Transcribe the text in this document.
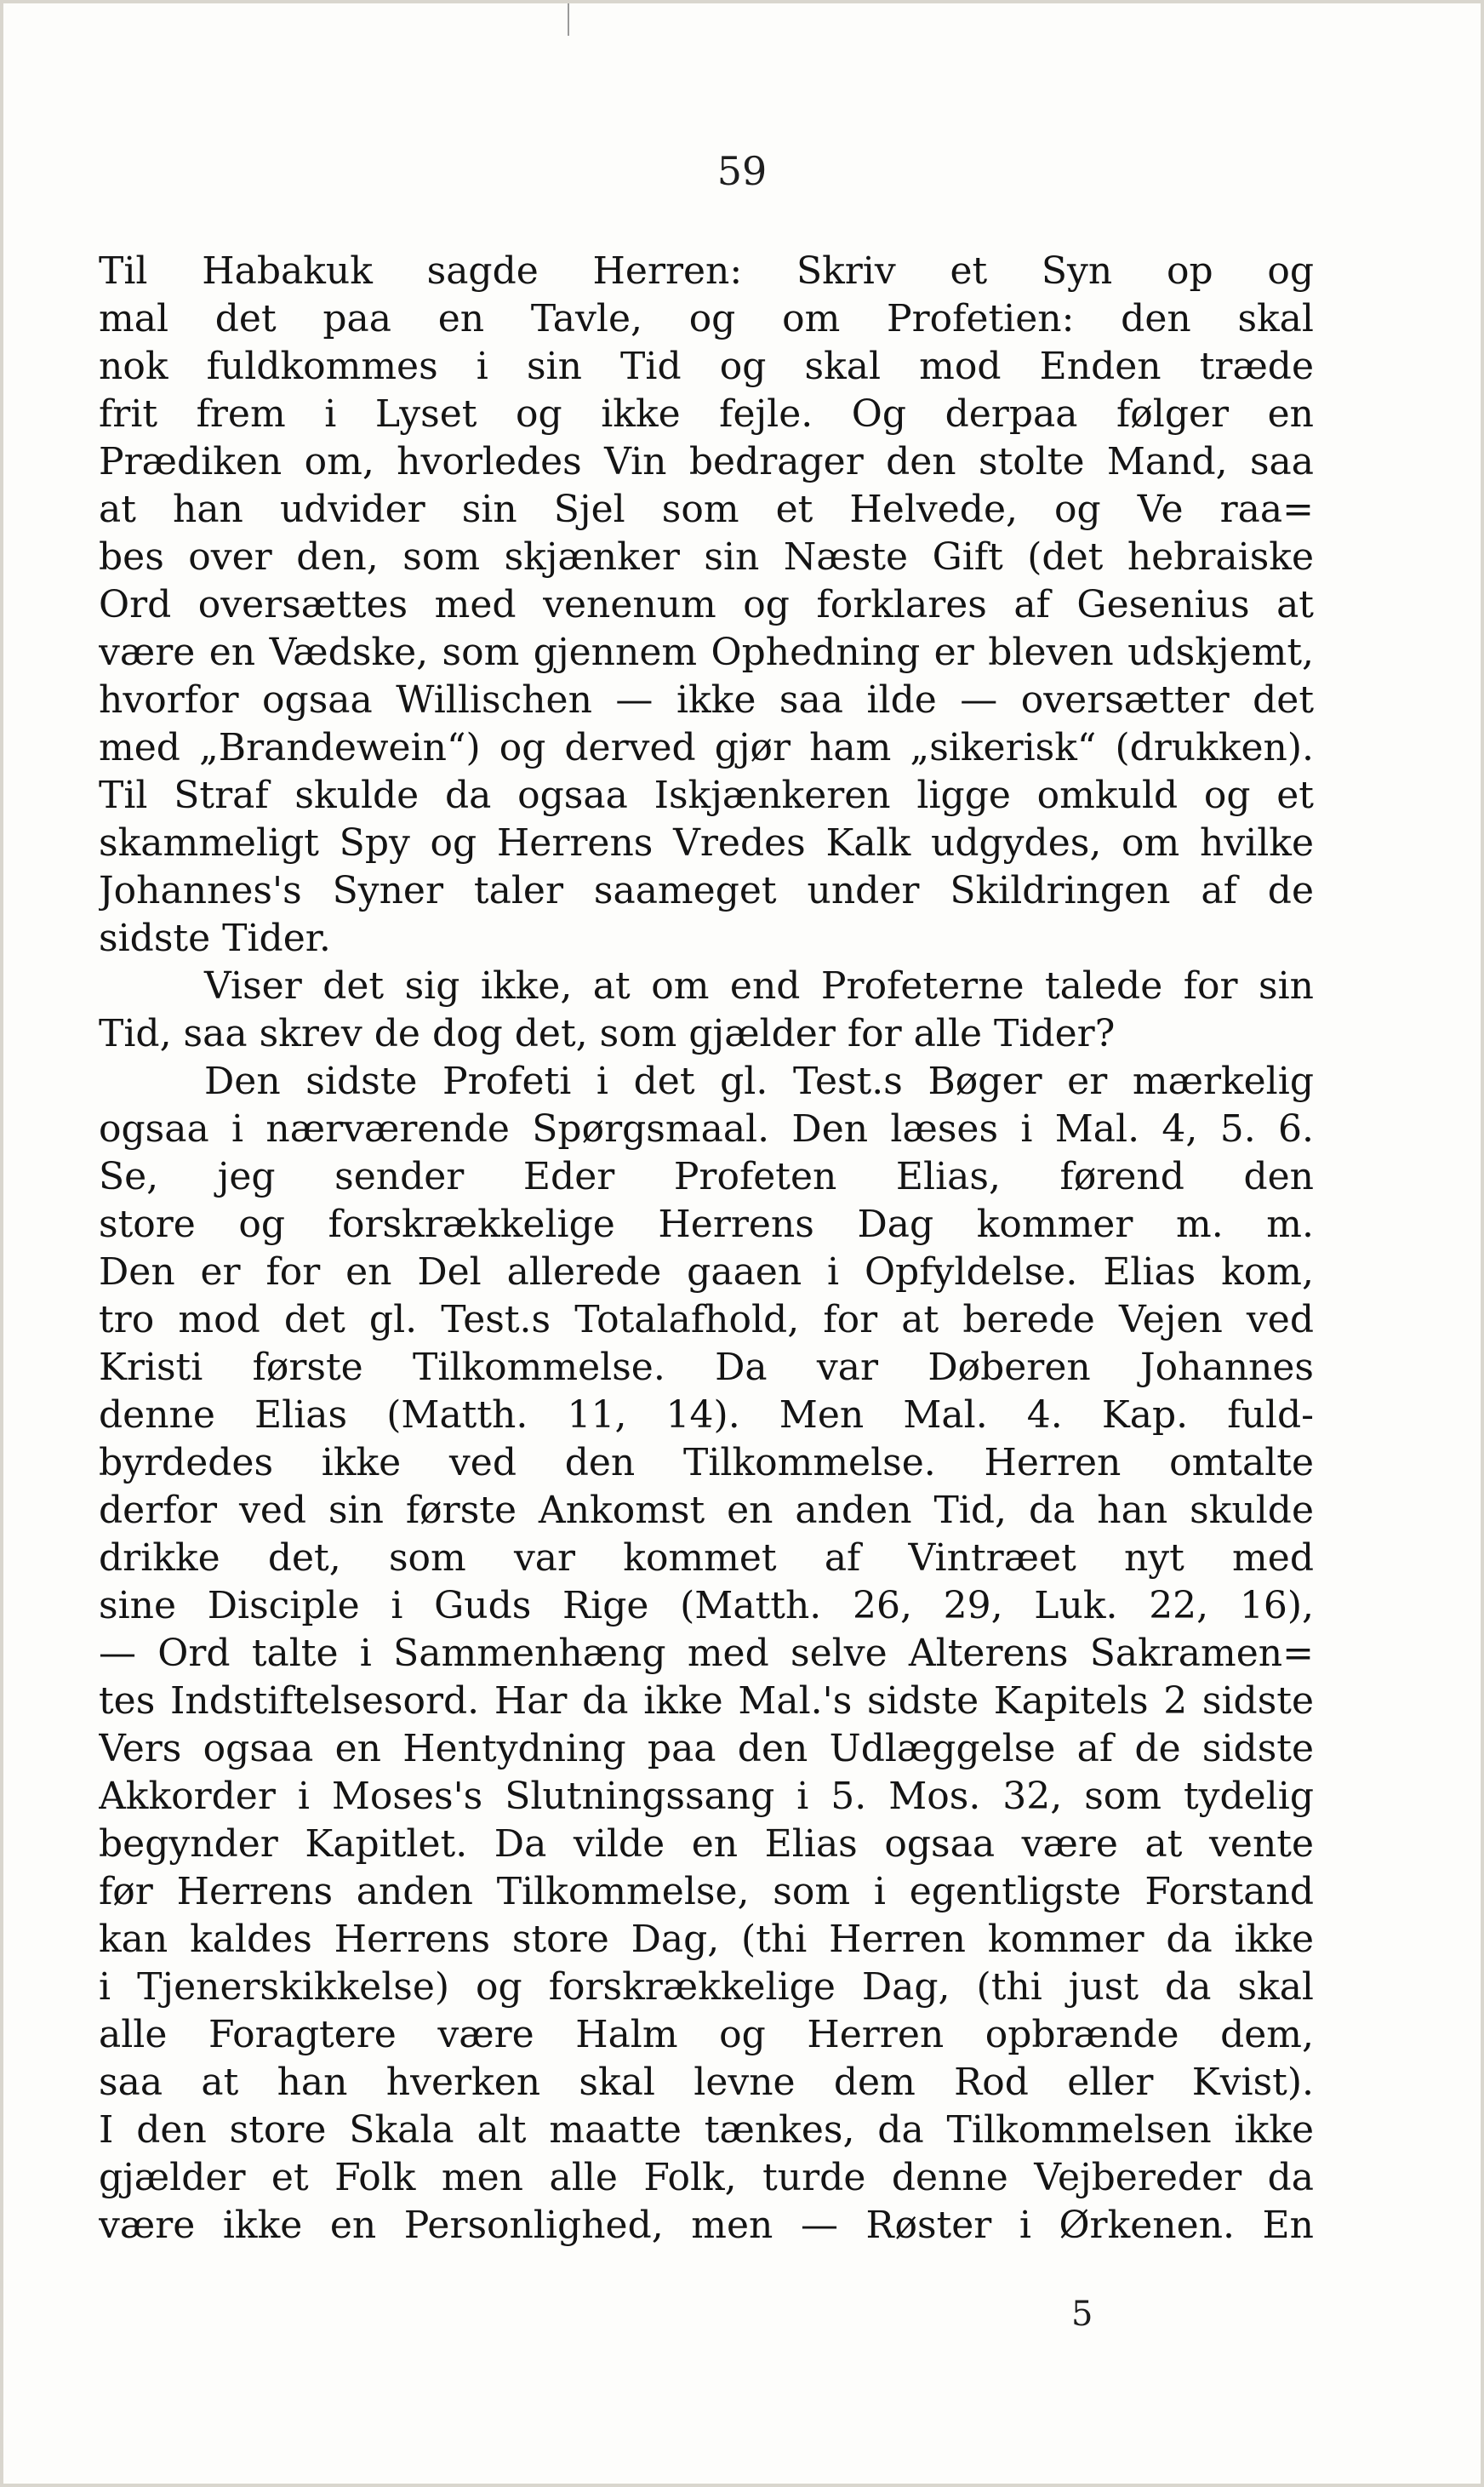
59
Til Habakuk sagde Herren: Skriv et Syn op og
mal det paa en Tavle, og om Profetien: den skal
nok fuldkommes i sin Tid og skal mod Enden træde
frit frem i Lyset og ikke fejle. Og derpaa følger en
Prædiken om, hvorledes Vin bedrager den stolte Mand, saa
at han udvider sin Sjel som et Helvede, og Ve raa=
bes over den, som skjænker sin Næste Gift (det hebraiske
Ord oversættes med venenum og forklares af Gesenius at
være en Vædske, som gjennem Ophedning er bleven udskjemt,
hvorfor ogsaa Willischen — ikke saa ilde — oversætter det
med „Brandewein“) og derved gjør ham „sikerisk“ (drukken).
Til Straf skulde da ogsaa Iskjænkeren ligge omkuld og et
skammeligt Spy og Herrens Vredes Kalk udgydes, om hvilke
Johannes's Syner taler saameget under Skildringen af de
sidste Tider.
Viser det sig ikke, at om end Profeterne talede for sin
Tid, saa skrev de dog det, som gjælder for alle Tider?
Den sidste Profeti i det gl. Test.s Bøger er mærkelig
ogsaa i nærværende Spørgsmaal. Den læses i Mal. 4, 5. 6.
Se, jeg sender Eder Profeten Elias, førend den
store og forskrækkelige Herrens Dag kommer m. m.
Den er for en Del allerede gaaen i Opfyldelse. Elias kom,
tro mod det gl. Test.s Totalafhold, for at berede Vejen ved
Kristi første Tilkommelse. Da var Døberen Johannes
denne Elias (Matth. 11, 14). Men Mal. 4. Kap. fuld-
byrdedes ikke ved den Tilkommelse. Herren omtalte
derfor ved sin første Ankomst en anden Tid, da han skulde
drikke det, som var kommet af Vintræet nyt med
sine Disciple i Guds Rige (Matth. 26, 29, Luk. 22, 16),
— Ord talte i Sammenhæng med selve Alterens Sakramen=
tes Indstiftelsesord. Har da ikke Mal.'s sidste Kapitels 2 sidste
Vers ogsaa en Hentydning paa den Udlæggelse af de sidste
Akkorder i Moses's Slutningssang i 5. Mos. 32, som tydelig
begynder Kapitlet. Da vilde en Elias ogsaa være at vente
før Herrens anden Tilkommelse, som i egentligste Forstand
kan kaldes Herrens store Dag, (thi Herren kommer da ikke
i Tjenerskikkelse) og forskrækkelige Dag, (thi just da skal
alle Foragtere være Halm og Herren opbrænde dem,
saa at han hverken skal levne dem Rod eller Kvist).
I den store Skala alt maatte tænkes, da Tilkommelsen ikke
gjælder et Folk men alle Folk, turde denne Vejbereder da
være ikke en Personlighed, men — Røster i Ørkenen. En
5
